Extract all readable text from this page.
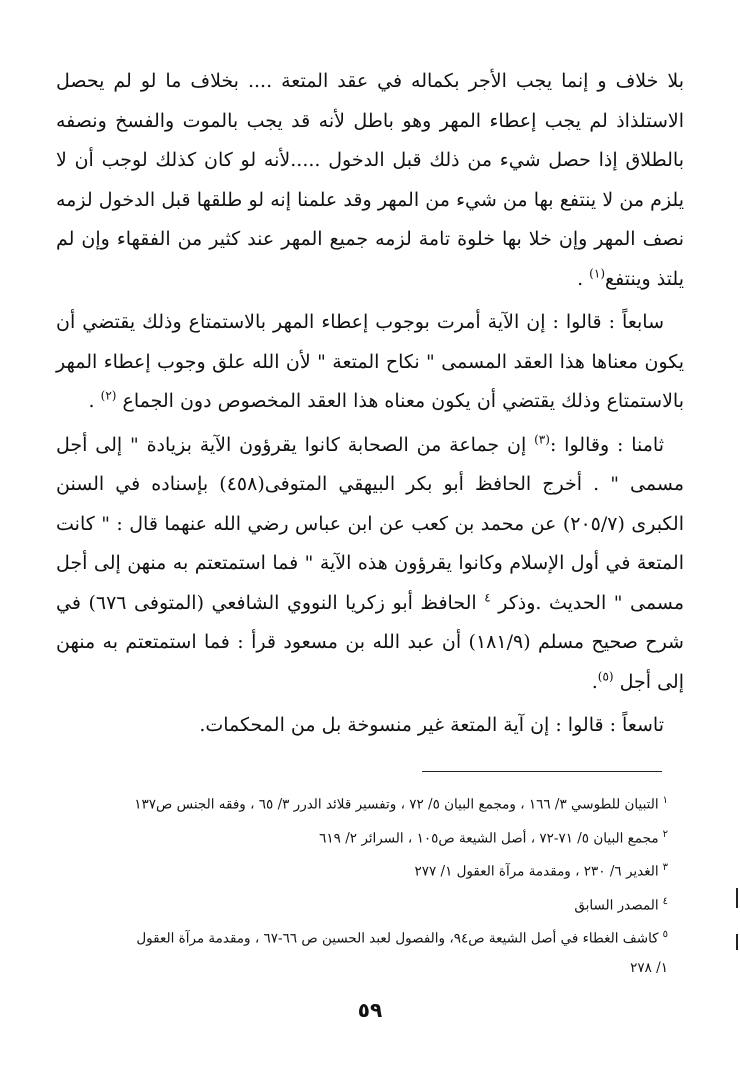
بلا خلاف و إنما يجب الأجر بكماله في عقد المتعة .... بخلاف ما لو لم يحصل الاستلذاذ لم يجب إعطاء المهر وهو باطل لأنه قد يجب بالموت والفسخ ونصفه بالطلاق إذا حصل شيء من ذلك قبل الدخول .....لأنه لو كان كذلك لوجب أن لا يلزم من لا ينتفع بها من شيء من المهر وقد علمنا إنه لو طلقها قبل الدخول لزمه نصف المهر وإن خلا بها خلوة تامة لزمه جميع المهر عند كثير من الفقهاء وإن لم يلتذ وينتفع$^{(١)}$ .

سابعاً : قالوا : إن الآية أمرت بوجوب إعطاء المهر بالاستمتاع وذلك يقتضي أن يكون معناها هذا العقد المسمى " نكاح المتعة " لأن الله علق وجوب إعطاء المهر بالاستمتاع وذلك يقتضي أن يكون معناه هذا العقد المخصوص دون الجماع $^{(٢)}$ .

ثامنا : وقالوا :$^{(٣)}$ إن جماعة من الصحابة كانوا يقرؤون الآية بزيادة " إلى أجل مسمى " . أخرج الحافظ أبو بكر البيهقي المتوفى(٤٥٨) بإسناده في السنن الكبرى (٢٠٥/٧) عن محمد بن كعب عن ابن عباس رضي الله عنهما قال : " كانت المتعة في أول الإسلام وكانوا يقرؤون هذه الآية " فما استمتعتم به منهن إلى أجل مسمى " الحديث .وذكر $^٤$ الحافظ أبو زكريا النووي الشافعي (المتوفى ٦٧٦) في شرح صحيح مسلم (١٨١/٩) أن عبد الله بن مسعود قرأ : فما استمتعتم به منهن إلى أجل $^{(٥)}$.

تاسعاً : قالوا : إن آية المتعة غير منسوخة بل من المحكمات.

$^١$التبيان للطوسي ٣/ ١٦٦ ، ومجمع البيان ٥/ ٧٢ ، وتفسير قلائد الدرر ٣/ ٦٥ ، وفقه الجنس ص١٣٧

$^٢$مجمع البيان ٥/ ٧١-٧٢ ، أصل الشيعة ص١٠٥ ، السرائر ٢/ ٦١٩

$^٣$الغدير ٦/ ٢٣٠ ، ومقدمة مرآة العقول ١/ ٢٧٧

$^٤$المصدر السابق

$^٥$كاشف الغطاء في أصل الشيعة ص٩٤، والفصول لعبد الحسين ص ٦٦-٦٧ ، ومقدمة مرآة العقول

١/ ٢٧٨

٥٩
